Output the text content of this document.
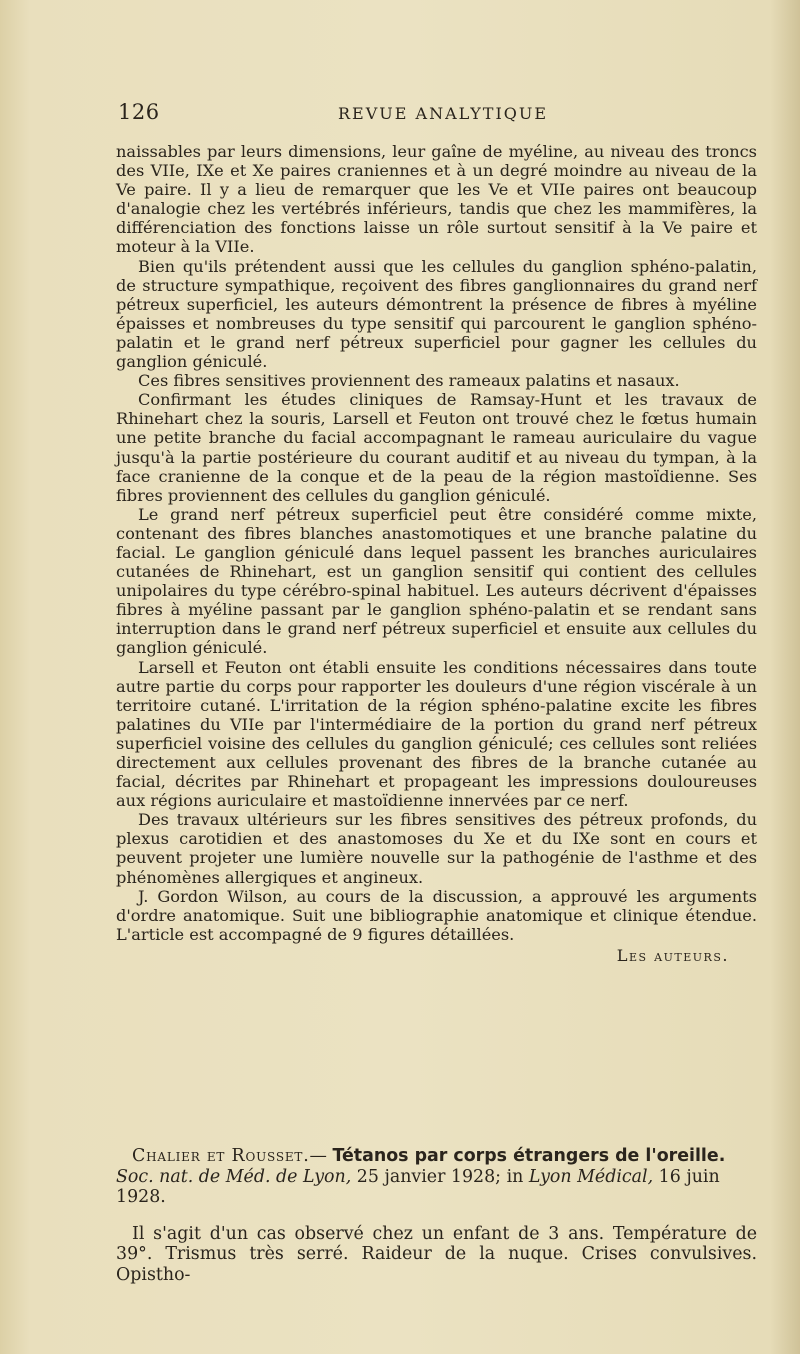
126	REVUE ANALYTIQUE

naissables par leurs dimensions, leur gaîne de myéline, au niveau des troncs des VIIe, IXe et Xe paires craniennes et à un degré moindre au niveau de la Ve paire. Il y a lieu de remarquer que les Ve et VIIe paires ont beaucoup d'analogie chez les vertébrés inférieurs, tandis que chez les mammifères, la différenciation des fonctions laisse un rôle surtout sensitif à la Ve paire et moteur à la VIIe.

Bien qu'ils prétendent aussi que les cellules du ganglion sphéno-palatin, de structure sympathique, reçoivent des fibres ganglionnaires du grand nerf pétreux superficiel, les auteurs démontrent la présence de fibres à myéline épaisses et nombreuses du type sensitif qui parcourent le ganglion sphéno-palatin et le grand nerf pétreux superficiel pour gagner les cellules du ganglion géniculé.

Ces fibres sensitives proviennent des rameaux palatins et nasaux.

Confirmant les études cliniques de Ramsay-Hunt et les travaux de Rhinehart chez la souris, Larsell et Feuton ont trouvé chez le fœtus humain une petite branche du facial accompagnant le rameau auriculaire du vague jusqu'à la partie postérieure du courant auditif et au niveau du tympan, à la face cranienne de la conque et de la peau de la région mastoïdienne. Ses fibres proviennent des cellules du ganglion géniculé.

Le grand nerf pétreux superficiel peut être considéré comme mixte, contenant des fibres blanches anastomotiques et une branche palatine du facial. Le ganglion géniculé dans lequel passent les branches auriculaires cutanées de Rhinehart, est un ganglion sensitif qui contient des cellules unipolaires du type cérébro-spinal habituel. Les auteurs décrivent d'épaisses fibres à myéline passant par le ganglion sphéno-palatin et se rendant sans interruption dans le grand nerf pétreux superficiel et ensuite aux cellules du ganglion géniculé.

Larsell et Feuton ont établi ensuite les conditions nécessaires dans toute autre partie du corps pour rapporter les douleurs d'une région viscérale à un territoire cutané. L'irritation de la région sphéno-palatine excite les fibres palatines du VIIe par l'intermédiaire de la portion du grand nerf pétreux superficiel voisine des cellules du ganglion géniculé; ces cellules sont reliées directement aux cellules provenant des fibres de la branche cutanée au facial, décrites par Rhinehart et propageant les impressions douloureuses aux régions auriculaire et mastoïdienne innervées par ce nerf.

Des travaux ultérieurs sur les fibres sensitives des pétreux profonds, du plexus carotidien et des anastomoses du Xe et du IXe sont en cours et peuvent projeter une lumière nouvelle sur la pathogénie de l'asthme et des phénomènes allergiques et angineux.

J. Gordon Wilson, au cours de la discussion, a approuvé les arguments d'ordre anatomique. Suit une bibliographie anatomique et clinique étendue. L'article est accompagné de 9 figures détaillées.

Les auteurs.

Chalier et Rousset.— Tétanos par corps étrangers de l'oreille.

Soc. nat. de Méd. de Lyon, 25 janvier 1928; in Lyon Médical, 16 juin 1928.

Il s'agit d'un cas observé chez un enfant de 3 ans. Température de 39°. Trismus très serré. Raideur de la nuque. Crises convulsives. Opistho-
